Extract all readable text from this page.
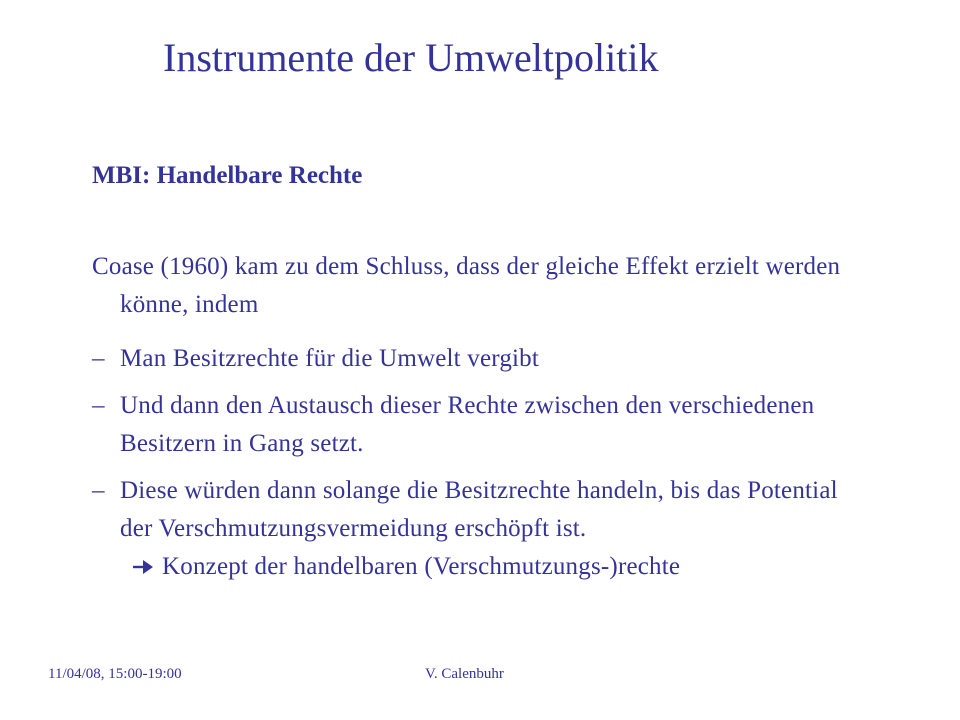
Instrumente der Umweltpolitik
MBI: Handelbare Rechte
Coase (1960) kam zu dem Schluss, dass der gleiche Effekt erzielt werden könne, indem
– Man Besitzrechte für die Umwelt vergibt
– Und dann den Austausch dieser Rechte zwischen den verschiedenen Besitzern in Gang setzt.
– Diese würden dann solange die Besitzrechte handeln, bis das Potential der Verschmutzungsvermeidung erschöpft ist.
Konzept der handelbaren (Verschmutzungs-)rechte
11/04/08, 15:00-19:00	V. Calenbuhr
